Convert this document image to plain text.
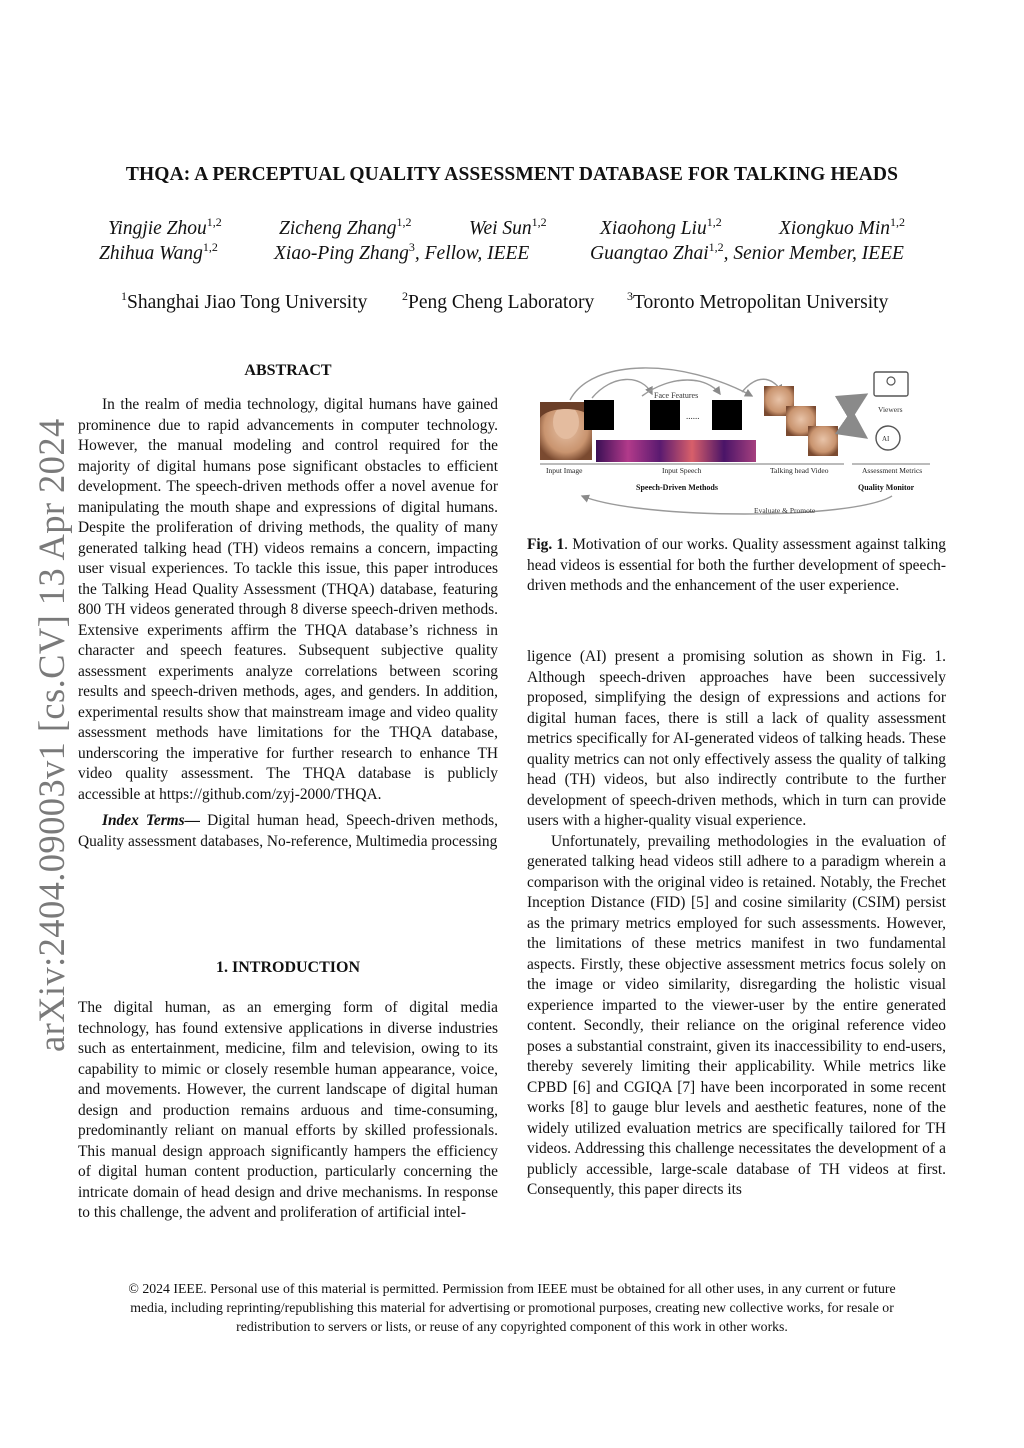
arXiv:2404.09003v1 [cs.CV] 13 Apr 2024
THQA: A PERCEPTUAL QUALITY ASSESSMENT DATABASE FOR TALKING HEADS
Yingjie Zhou$^{1,2}$	Zicheng Zhang$^{1,2}$	Wei Sun$^{1,2}$	Xiaohong Liu$^{1,2}$	Xiongkuo Min$^{1,2}$
Zhihua Wang$^{1,2}$	Xiao-Ping Zhang$^3$, Fellow, IEEE	Guangtao Zhai$^{1,2}$, Senior Member, IEEE
$^1$Shanghai Jiao Tong University	$^2$Peng Cheng Laboratory	$^3$Toronto Metropolitan University
ABSTRACT

In the realm of media technology, digital humans have gained prominence due to rapid advancements in computer technology. However, the manual modeling and control required for the majority of digital humans pose significant obstacles to efficient development. The speech-driven methods offer a novel avenue for manipulating the mouth shape and expressions of digital humans. Despite the proliferation of driving methods, the quality of many generated talking head (TH) videos remains a concern, impacting user visual experiences. To tackle this issue, this paper introduces the Talking Head Quality Assessment (THQA) database, featuring 800 TH videos generated through 8 diverse speech-driven methods. Extensive experiments affirm the THQA database’s richness in character and speech features. Subsequent subjective quality assessment experiments analyze correlations between scoring results and speech-driven methods, ages, and genders. In addition, experimental results show that mainstream image and video quality assessment methods have limitations for the THQA database, underscoring the imperative for further research to enhance TH video quality assessment. The THQA database is publicly accessible at https://github.com/zyj-2000/THQA.

Index Terms— Digital human head, Speech-driven methods, Quality assessment databases, No-reference, Multimedia processing

1. INTRODUCTION

The digital human, as an emerging form of digital media technology, has found extensive applications in diverse industries such as entertainment, medicine, film and television, owing to its capability to mimic or closely resemble human appearance, voice, and movements. However, the current landscape of digital human design and production remains arduous and time-consuming, predominantly reliant on manual efforts by skilled professionals. This manual design approach significantly hampers the efficiency of digital human content production, particularly concerning the intricate domain of head design and drive mechanisms. In response to this challenge, the advent and proliferation of artificial intel-

Face Features
......
Viewers
AI
Input Image	Input Speech	Talking head Video	Assessment Metrics
Speech-Driven Methods	Quality Monitor
Evaluate & Promote
Fig. 1. Motivation of our works. Quality assessment against talking head videos is essential for both the further development of speech-driven methods and the enhancement of the user experience.

ligence (AI) present a promising solution as shown in Fig. 1. Although speech-driven approaches have been successively proposed, simplifying the design of expressions and actions for digital human faces, there is still a lack of quality assessment metrics specifically for AI-generated videos of talking heads. These quality metrics can not only effectively assess the quality of talking head (TH) videos, but also indirectly contribute to the further development of speech-driven methods, which in turn can provide users with a higher-quality visual experience.

Unfortunately, prevailing methodologies in the evaluation of generated talking head videos still adhere to a paradigm wherein a comparison with the original video is retained. Notably, the Frechet Inception Distance (FID) [5] and cosine similarity (CSIM) persist as the primary metrics employed for such assessments. However, the limitations of these metrics manifest in two fundamental aspects. Firstly, these objective assessment metrics focus solely on the image or video similarity, disregarding the holistic visual experience imparted to the viewer-user by the entire generated content. Secondly, their reliance on the original reference video poses a substantial constraint, given its inaccessibility to end-users, thereby severely limiting their applicability. While metrics like CPBD [6] and CGIQA [7] have been incorporated in some recent works [8] to gauge blur levels and aesthetic features, none of the widely utilized evaluation metrics are specifically tailored for TH videos. Addressing this challenge necessitates the development of a publicly accessible, large-scale database of TH videos at first. Consequently, this paper directs its

© 2024 IEEE. Personal use of this material is permitted. Permission from IEEE must be obtained for all other uses, in any current or future
media, including reprinting/republishing this material for advertising or promotional purposes, creating new collective works, for resale or
redistribution to servers or lists, or reuse of any copyrighted component of this work in other works.
